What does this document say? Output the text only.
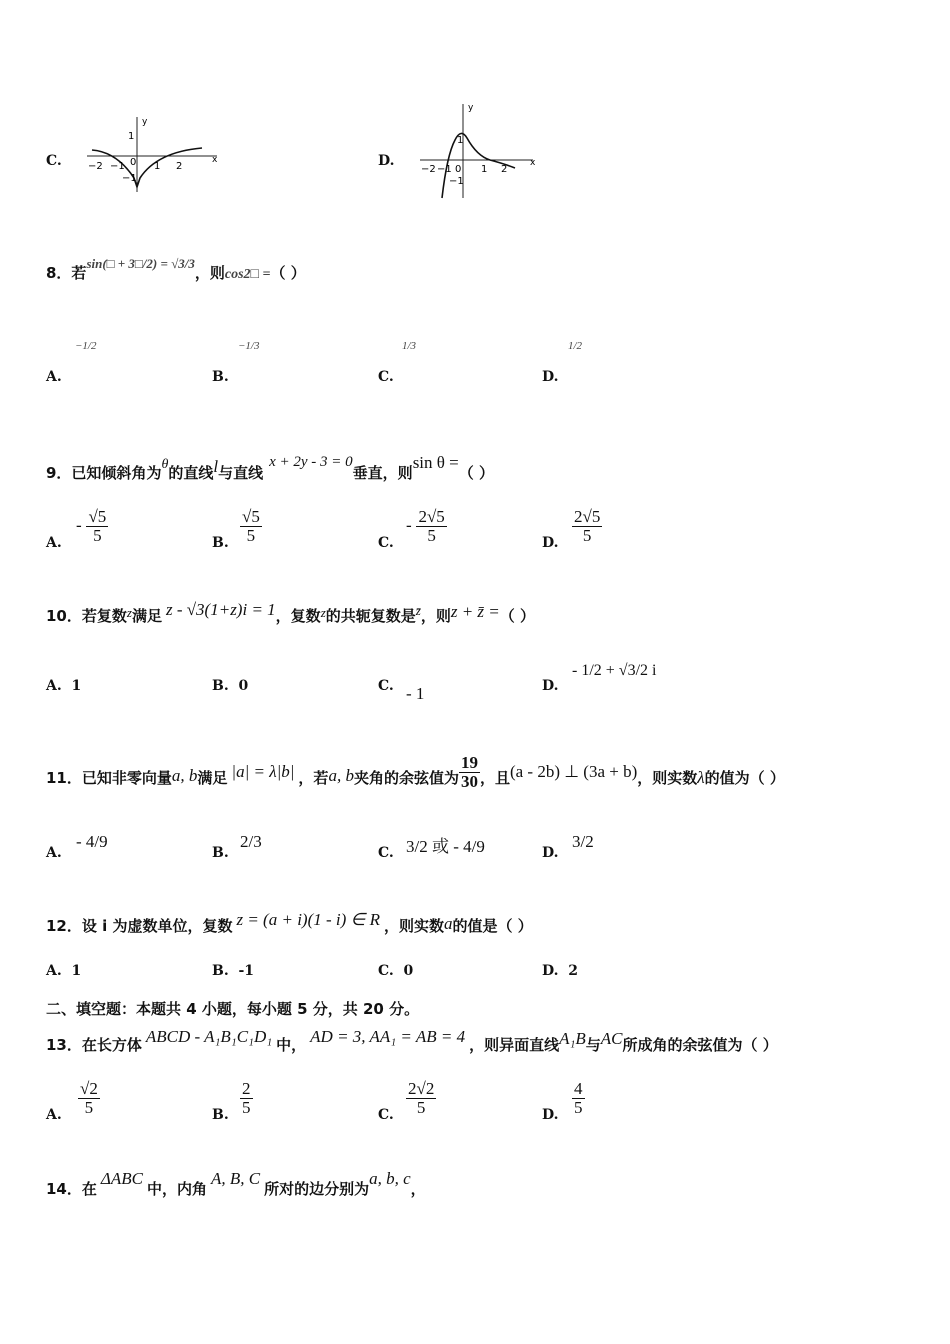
C.	x
y
−2 −1 0 1 2
1
−1
D.	x
y
−2 −1 0 1 2
1
−1
8．若sin(□ + 3□/2) = √3/3，则cos2□ =（ ）
A.
−1/2
B.
−1/3
C.
1/3
D.
1/2
9．已知倾斜角为θ的直线l与直线x + 2y - 3 = 0垂直，则sin θ =（ ）
A.
- $\frac{√5}{5}$	B. $\frac{√5}{5}$	C.
- $\frac{2√5}{5}$	D. $\frac{2√5}{5}$
10．若复数z满足 z - √3(1+z)i = 1，复数z的共轭复数是z̄，则z + z̄ =（ ）
A. 1	B. 0	C. - 1	D.
- 1/2 + √3/2 i
11．已知非零向量a, b满足 |a| = λ|b| ，若a, b夹角的余弦值为 $\frac{19}{30}$ ，且(a - 2b) ⊥ (3a + b)，则实数λ的值为（ ）
A.
- 4/9
B.
2/3
C. 3/2 或 - 4/9	D.
3/2
12．设 i 为虚数单位，复数 z = (a + i)(1 - i) ∈ R ，则实数a的值是（ ）
A. 1	B. -1	C. 0	D. 2
二、填空题：本题共 4 小题，每小题 5 分，共 20 分。
13．在长方体 ABCD - A₁B₁C₁D₁ 中， AD = 3, AA₁ = AB = 4 ，则异面直线A₁B与AC所成角的余弦值为（ ）
A. $\frac{√2}{5}$	B. $\frac{2}{5}$	C. $\frac{2√2}{5}$	D. $\frac{4}{5}$
14．在ΔABC中，内角A, B, C所对的边分别为a, b, c，
